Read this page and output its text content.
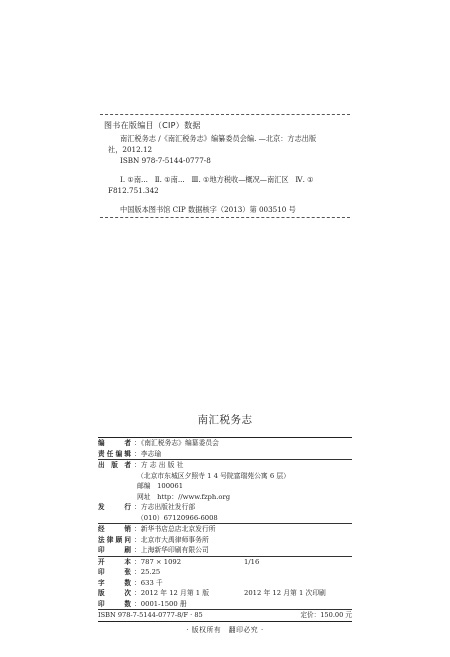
图书在版编目（CIP）数据

南汇税务志 /《南汇税务志》编纂委员会编. —北京：方志出版

社，2012.12

ISBN 978-7-5144-0777-8

Ⅰ. ①南...   Ⅱ. ①南...   Ⅲ. ①地方税收—概况—南汇区   Ⅳ. ①

F812.751.342

中国版本图书馆 CIP 数据核字（2013）第 003510 号

南汇税务志
编　　者 ：《南汇税务志》编纂委员会
责任编辑 ：李志瑜
出 版 者 ：方 志 出 版 社
（北京市东城区夕照寺 1 4 号院富瑞苑公寓 6 层）
邮编   100061
网址   http：//www.fzph.org
发　　行 ：方志出版社发行部
（010）67120966-6008
经　　销 ：新华书店总店北京发行所
法律顾问 ：北京市大禹律师事务所
印　　刷 ：上海新华印刷有限公司
开　　本 ：787 × 1092	1/16
印　　张 ：25.25
字　　数 ：633 千
版　　次 ：2012 年 12 月第 1 版	2012 年 12 月第 1 次印刷
印　　数 ：0001-1500 册
ISBN 978-7-5144-0777-8/F · 85	定价：150.00 元
· 版权所有　翻印必究 ·
